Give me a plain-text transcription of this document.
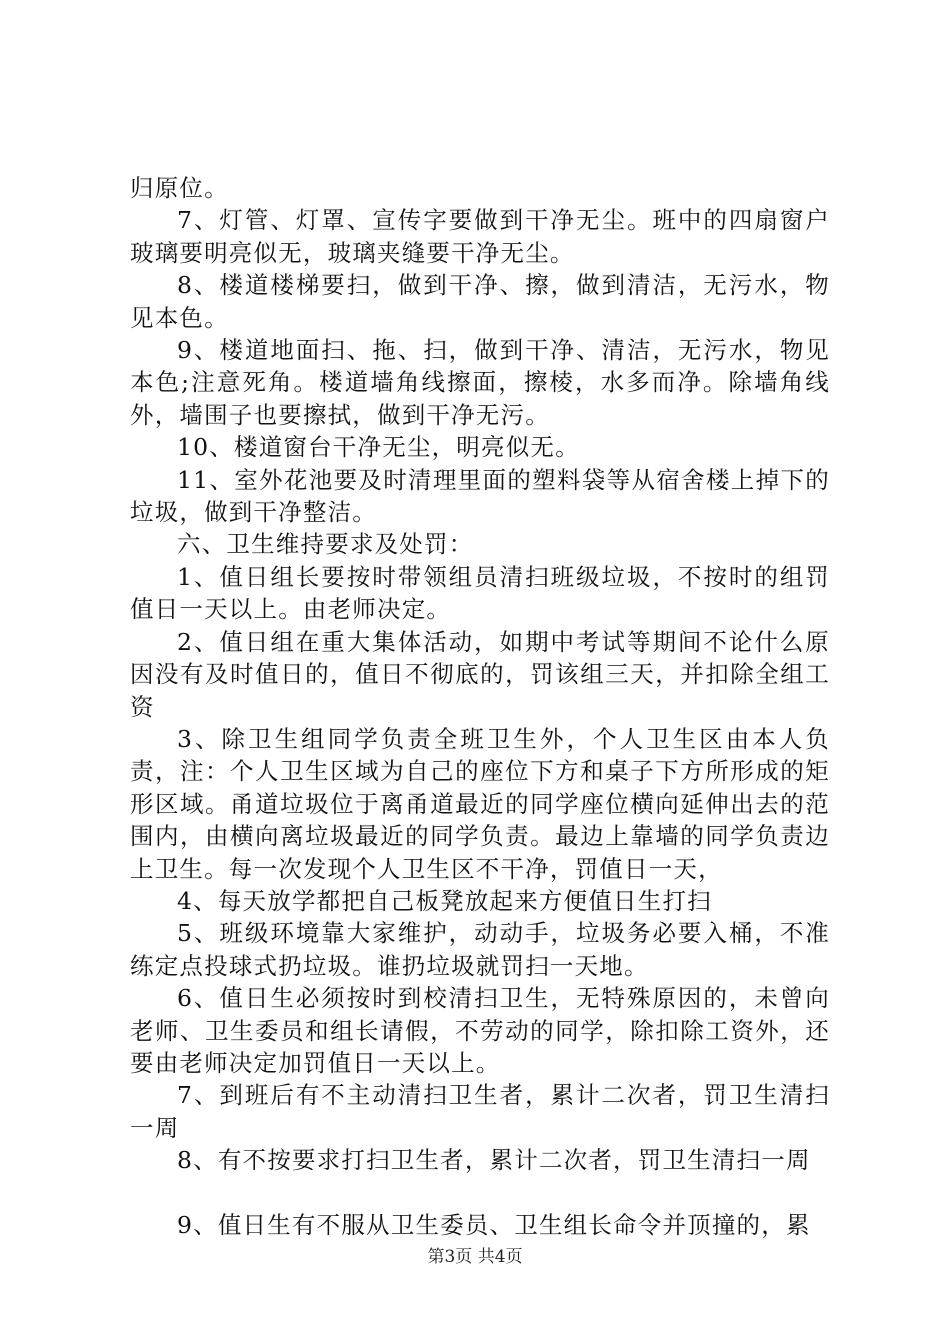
归原位。

7、灯管、灯罩、宣传字要做到干净无尘。班中的四扇窗户玻璃要明亮似无，玻璃夹缝要干净无尘。

8、楼道楼梯要扫，做到干净、擦，做到清洁，无污水，物见本色。

9、楼道地面扫、拖、扫，做到干净、清洁，无污水，物见本色;注意死角。楼道墙角线擦面，擦棱，水多而净。除墙角线外，墙围子也要擦拭，做到干净无污。

10、楼道窗台干净无尘，明亮似无。

11、室外花池要及时清理里面的塑料袋等从宿舍楼上掉下的垃圾，做到干净整洁。

六、卫生维持要求及处罚：

1、值日组长要按时带领组员清扫班级垃圾，不按时的组罚值日一天以上。由老师决定。

2、值日组在重大集体活动，如期中考试等期间不论什么原因没有及时值日的，值日不彻底的，罚该组三天，并扣除全组工资

3、除卫生组同学负责全班卫生外，个人卫生区由本人负责，注：个人卫生区域为自己的座位下方和桌子下方所形成的矩形区域。甬道垃圾位于离甬道最近的同学座位横向延伸出去的范围内，由横向离垃圾最近的同学负责。最边上靠墙的同学负责边上卫生。每一次发现个人卫生区不干净，罚值日一天，

4、每天放学都把自己板凳放起来方便值日生打扫

5、班级环境靠大家维护，动动手，垃圾务必要入桶，不准练定点投球式扔垃圾。谁扔垃圾就罚扫一天地。

6、值日生必须按时到校清扫卫生，无特殊原因的，未曾向老师、卫生委员和组长请假，不劳动的同学，除扣除工资外，还要由老师决定加罚值日一天以上。

7、到班后有不主动清扫卫生者，累计二次者，罚卫生清扫一周

8、有不按要求打扫卫生者，累计二次者，罚卫生清扫一周

9、值日生有不服从卫生委员、卫生组长命令并顶撞的，累

第3页 共4页
